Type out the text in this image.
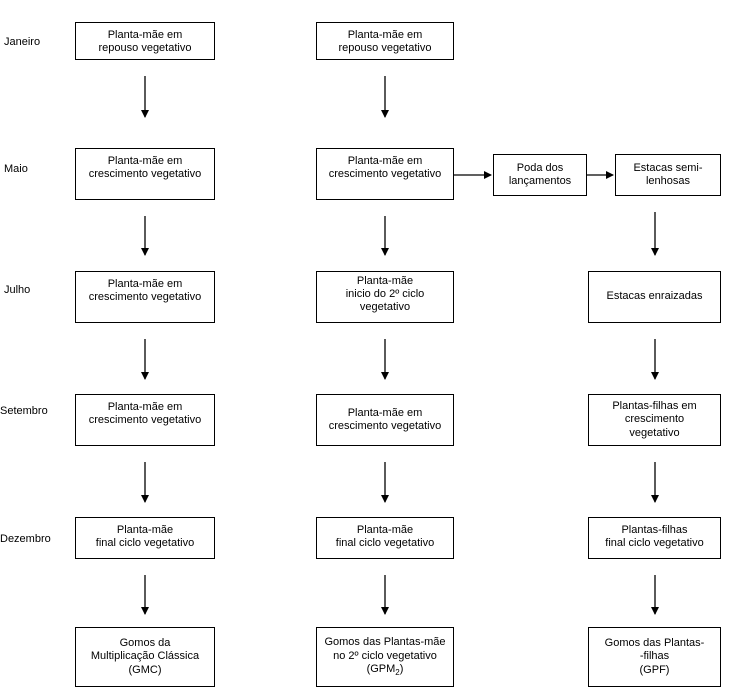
Janeiro
Maio
Julho
Setembro
Dezembro
Planta-mãe em
repouso vegetativo
Planta-mãe em
crescimento vegetativo
Planta-mãe em
crescimento vegetativo
Planta-mãe em
crescimento vegetativo
Planta-mãe
final ciclo vegetativo
Gomos da
Multiplicação Clássica
(GMC)
Planta-mãe em
repouso vegetativo
Planta-mãe em
crescimento vegetativo
Planta-mãe
inicio do 2º ciclo
vegetativo
Planta-mãe em
crescimento vegetativo
Planta-mãe
final ciclo vegetativo
Gomos das Plantas-mãe
no 2º ciclo vegetativo
$(GPM_2)$
Poda dos
lançamentos
Estacas semi-
lenhosas
Estacas enraizadas
Plantas-filhas em
crescimento
vegetativo
Plantas-filhas
final ciclo vegetativo
Gomos das Plantas-
-filhas
(GPF)
